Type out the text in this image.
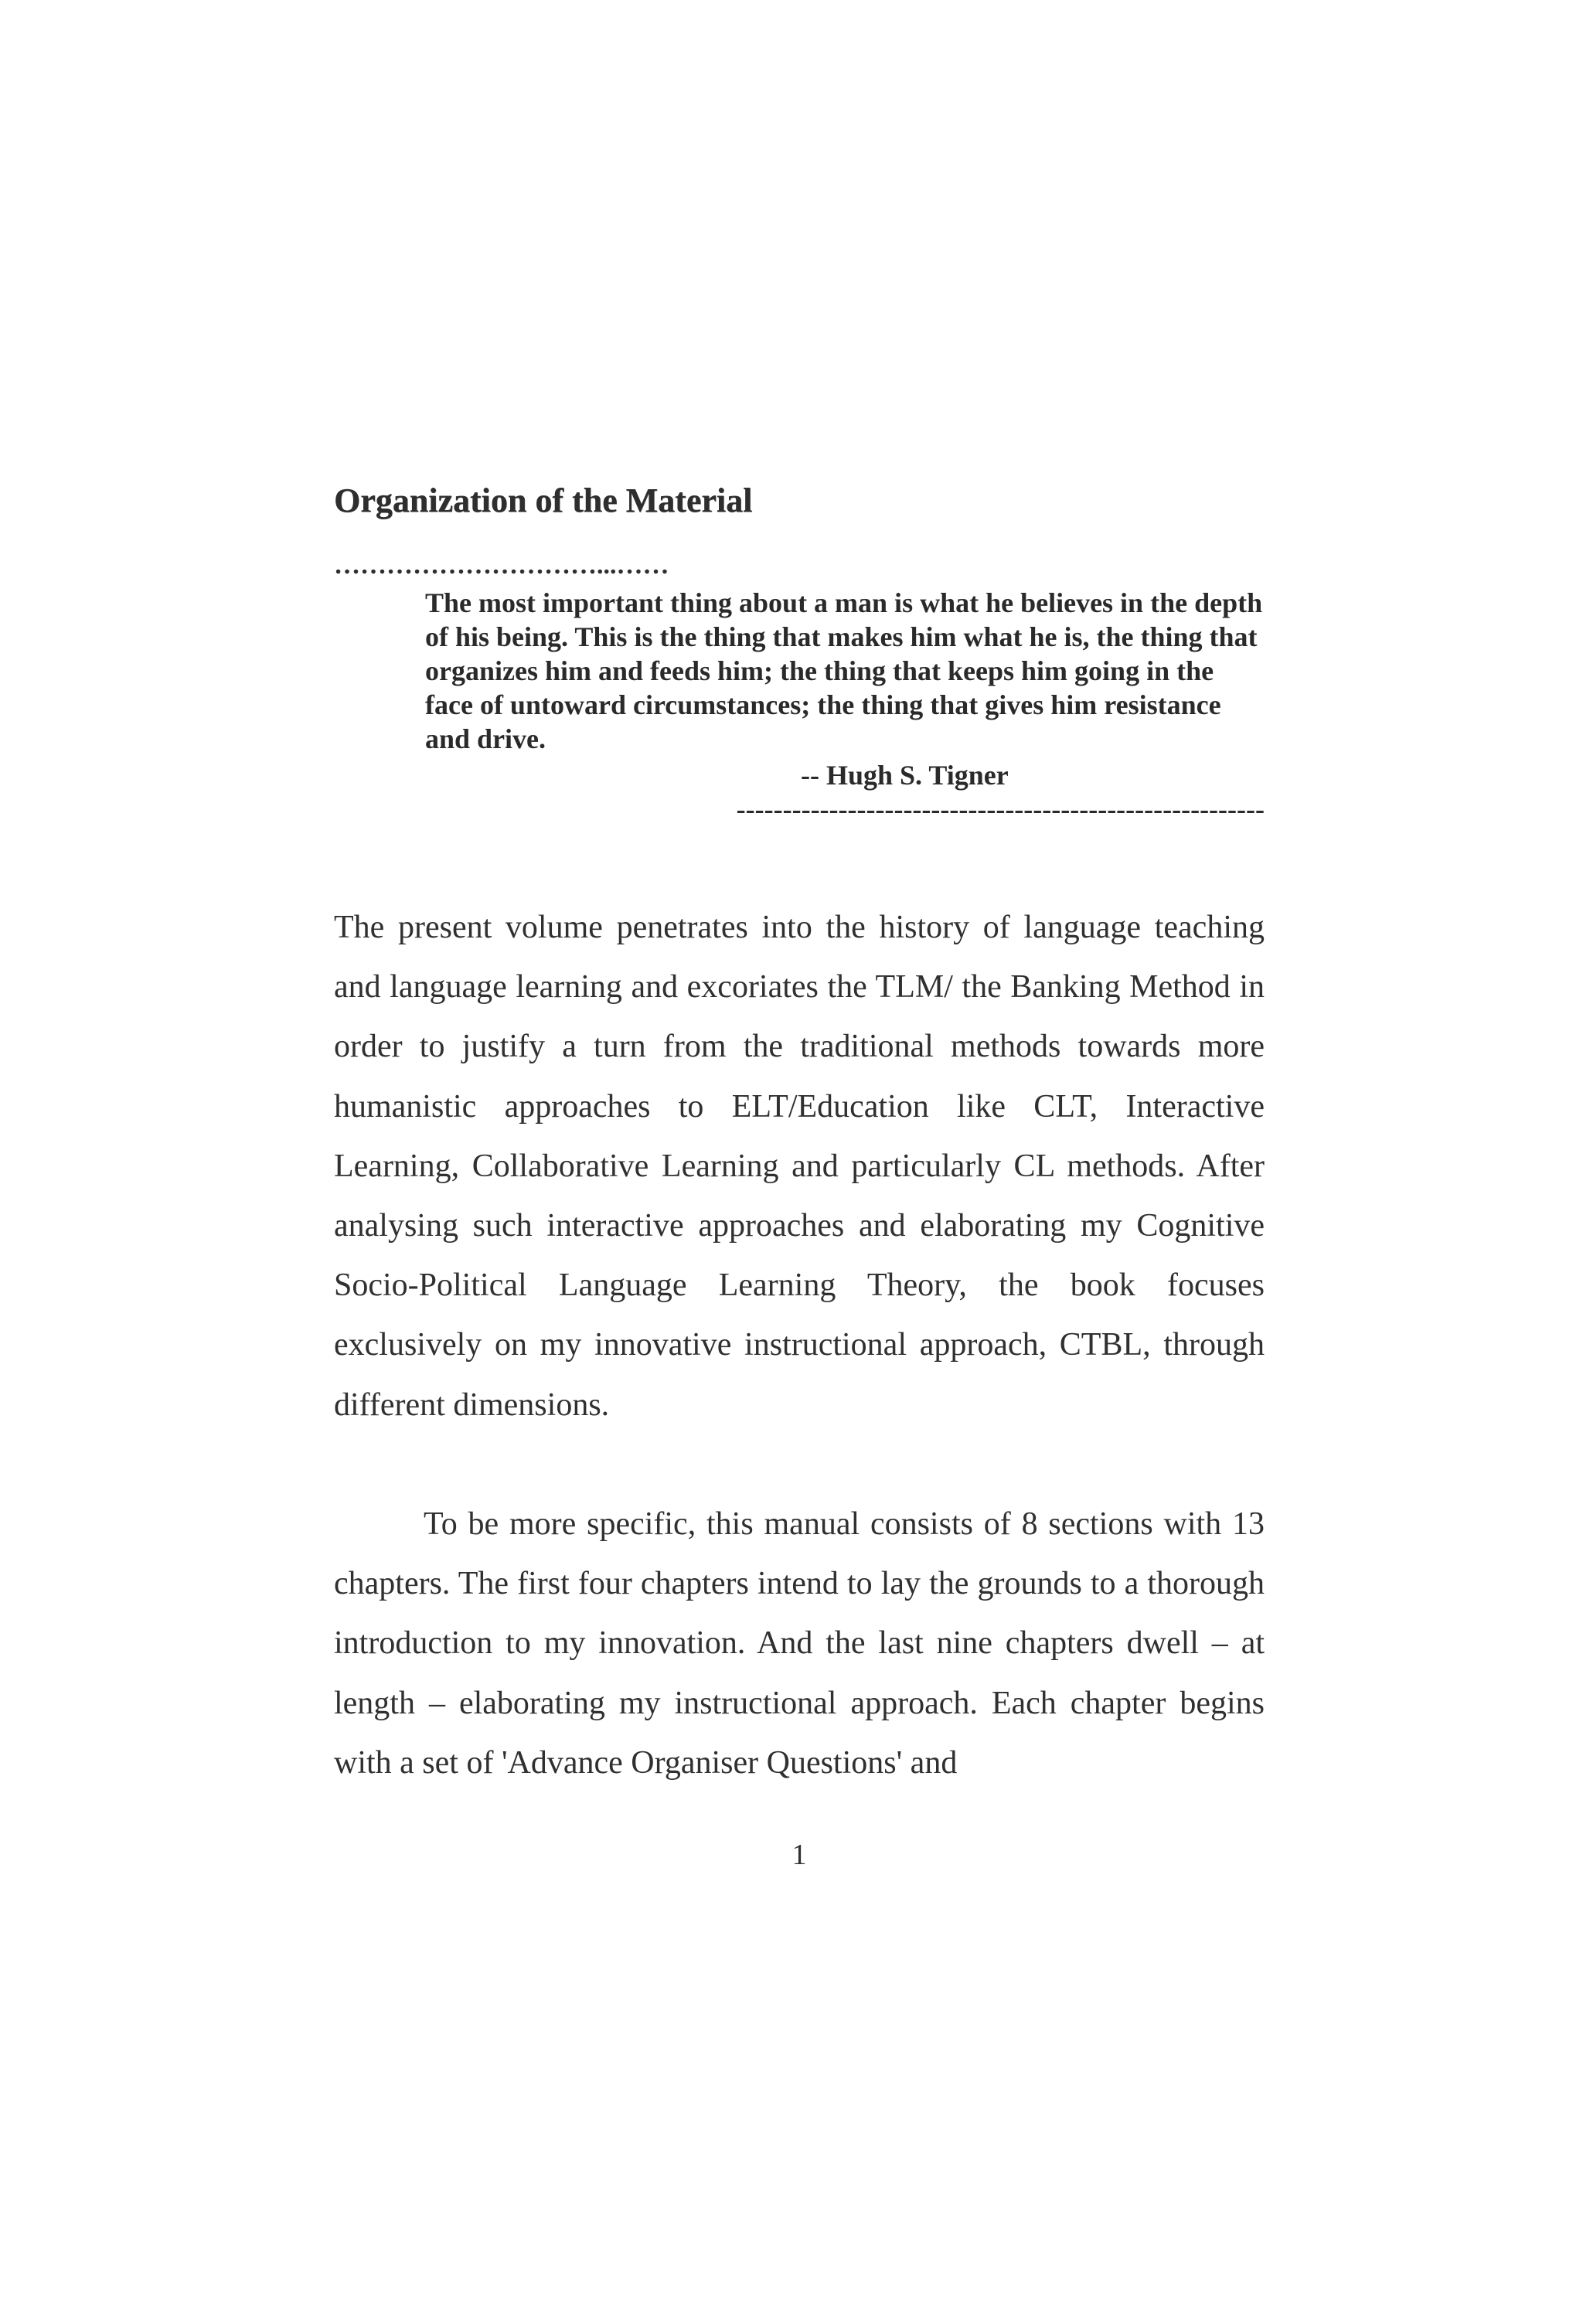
Organization of the Material
…………………………...……

The most important thing about a man is what he believes in the depth of his being. This is the thing that makes him what he is, the thing that organizes him and feeds him; the thing that keeps him going in the face of untoward circumstances; the thing that gives him resistance and drive.

-- Hugh S. Tigner
---------------------------------------------------------

The present volume penetrates into the history of language teaching and language learning and excoriates the TLM/ the Banking Method in order to justify a turn from the traditional methods towards more humanistic approaches to ELT/Education like CLT, Interactive Learning, Collaborative Learning and particularly CL methods. After analysing such interactive approaches and elaborating my Cognitive Socio-Political Language Learning Theory, the book focuses exclusively on my innovative instructional approach, CTBL, through different dimensions.

To be more specific, this manual consists of 8 sections with 13 chapters. The first four chapters intend to lay the grounds to a thorough introduction to my innovation. And the last nine chapters dwell – at length – elaborating my instructional approach. Each chapter begins with a set of 'Advance Organiser Questions' and

1
